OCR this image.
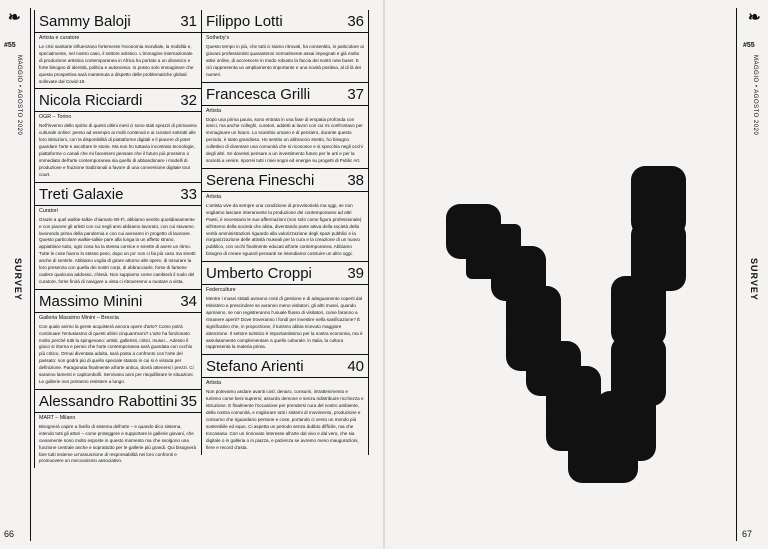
❧
#55
MAGGIO • AGOSTO 2020
SURVEY
66
Sammy Baloji	31
Artista e curatore
Le crisi sanitarie influenzano fortemente l'economia mondiale, la mobilità e, specialmente, nel nostro caso, il settore artistico. L'immagine internazionale di produzione artistica contemporanea in Africa ha portato a un dinamico e forte bisogno di identità, politica e autonomia. Io posso solo immaginare che questa prospettiva sarà mantenuta a dispetto delle problematiche globali sollevate dal Covid-19.
Nicola Ricciardi	32
OGR – Torino
Nell'inverno dello spirito di questi ultimi mesi ci sono stati sprazzi di primavera culturale online: penso ad esempio ai molti contenuti e ai curatori sottratti alle loro istituzioni, con la disponibilità di piattaforme digitali e il piacere di poter guardare l'arte e ascoltare le storie. Ma non ho tuttavia incontrato tecnologie, piattaforme o canali che mi facessero pensare che il futuro più prossimo o immediato dell'arte contemporanea sia quello di abbandonare i modelli di produzione e fruizione tradizionali a favore di una conversione digitale tout court.
Treti Galaxie	33
Curatori
Grazie a quel walkie-talkie chiamato Wi-Fi, abbiamo sentito quotidianamente e con piacere gli artisti con cui negli anni abbiamo lavorato, con cui stavamo lavorando prima della pandemia e con cui avevamo in progetto di lavorare. Questo particolare walkie-talkie pare alla lunga la un affetto strano, appiattisce tutto, ogni cosa ha la stessa cornice e smette di avere un ritmo. Tutte le cose hanno lo stesso peso, dopo un po' non ci fai più caso ma smetti anche di sentirle. Abbiamo voglia di girare attorno alle opere, di misurare la loro presenza con quella dei nostri corpi, di abbracciarle, forse di farsene cadere qualcuna addosso, chissà. Non sappiamo come cambierà il ruolo del curatore, forse finirà di navigare a vista ci ritroveremo a nuotare a vista.
Massimo Minini	34
Galleria Massimo Minini – Brescia
Con quale animo la gente acquisterà ancora opere d'arte? Come potrà continuare l'entusiasmo di questi ultimi cinquant'anni? L'arte ha funzionato molto perché tutti la spingevano: artisti, galleristi, critici, musei... Adesso il gioco si ritorna e penso che l'arte contemporanea sarà guardata con occhio più critico. Ormai diventata adulta, sarà posta a confronto con l'arte del passato: non godrà più di quello speciale statuto in cui si è vissuta per definizione. Paragonata finalmente all'arte antica, dovrà attenersi i prezzi. Ci saranno lamenti e capitombolli. Servivano anni per riequilibrare le situazioni. Le gallerie non potranno resistere a lungo.
Alessandro Rabottini 35
MART – Milano
Bisognerà capire a livello di sistema dell'arte – e quando dico sistema, intendo tutti gli attori – come proteggere e supportare le gallerie giovani, che ovviamente sono molto esposte in questo momento ma che svolgono una funzione centrale anche e soprattutto per le gallerie più grandi. Qui bisognerà fare tutti insieme un'assunzione di responsabilità nei loro confronti e promuovere un meccanismo associativo.
Filippo Lotti	36
Sotheby's
Questo tempo in più, che tutti ci siamo ritrovati, ha consentito, in particolare ai giovani professionisti quarantenni normalmente assai impegnati e già molto attivi online, di accrescere in modo robusto la faccia dei nostri new buser. E ciò rappresenta un ampliamento importante e una novità positiva, al di là dei numeri.
Francesca Grilli 37
Artista
Dopo una prima paura, sono entrata in una fase di empatia profonda con amici, ma anche colleghi, curatori, addetti ai lavori con cui mi confrontavo per immaginare un futuro. Lo scambio umano e di pensiero, durante questo periodo, è stato grandioso. Ho sentito un abbraccio stretto, ho bisogno collettivo di diventare una comunità che si riconosce e si specchia negli occhi degli altri. Se dovessi pensare a un investimento futuro per le arti e per la società a venire, riporrei tutti i miei sogni ed energie su progetti di Public Art.
Serena Fineschi 38
Artista
L'artista vive da sempre una condizione di provvisorietà ma oggi, se non vogliamo lasciare interamente la produzione del contemporaneo ad altri Paesi, è necessario le sue affermazioni (non solo come figura professionale) all'interno della società che abita, diventando parte attiva della società della verità amministrazioni riguardo alla valorizzazione degli spazi pubblici e la riorganizzazione delle attività museali per la cura e la creazione di un nuovo pubblico, con occhi finalmente educati all'arte contemporanea. Abbiamo bisogno di creare sguardi pensanti se intendiamo costruire un altro oggi.
Umberto Croppi 39
Federculture
Mentre i musei statali avranno costi di gestione e di adeguamento coperti dal Ministero a prescindere se avranno meno visitatori, gli altri musei, quando apriranno, se non registreranno l'usuale flusso di visitatori, come faranno a rimanere aperti? Dove troveranno i fondi per investire nella sanificazione? È significativo che, in proporzione, il turismo abbia ricevuto maggiore attenzione. Il settore turistico è importantissimo per la nostra economia, ma è assolutamente complementare a quello culturale: in Italia, la cultura rappresenta la materia prima.
Stefano Arienti	40
Artista
Non potevamo andare avanti così: denaro, consumi, intrattenimento e turismo come beni supremi; assurdo demone e senza ridistribuire ricchezza e istruzione. E finalmente l'occasione per prendersi cura del nostro ambiente, della nostra comunità, e migliorare tutti i sistemi di movimento, produzione e consumo che riguardano persone e cose, portando ci verso un mondo più sostenibile ed equo. Ci aspetta un periodo senza dubbio difficile, ma che toccasana. Con un rinnovato interesse all'arte dal vivo e dal vero, che sia digitale o in galleria o in piazza, e pazienza se avremo meno inaugurazioni, fiere e record d'asta.
❧
#55
MAGGIO • AGOSTO 2020
SURVEY
67
